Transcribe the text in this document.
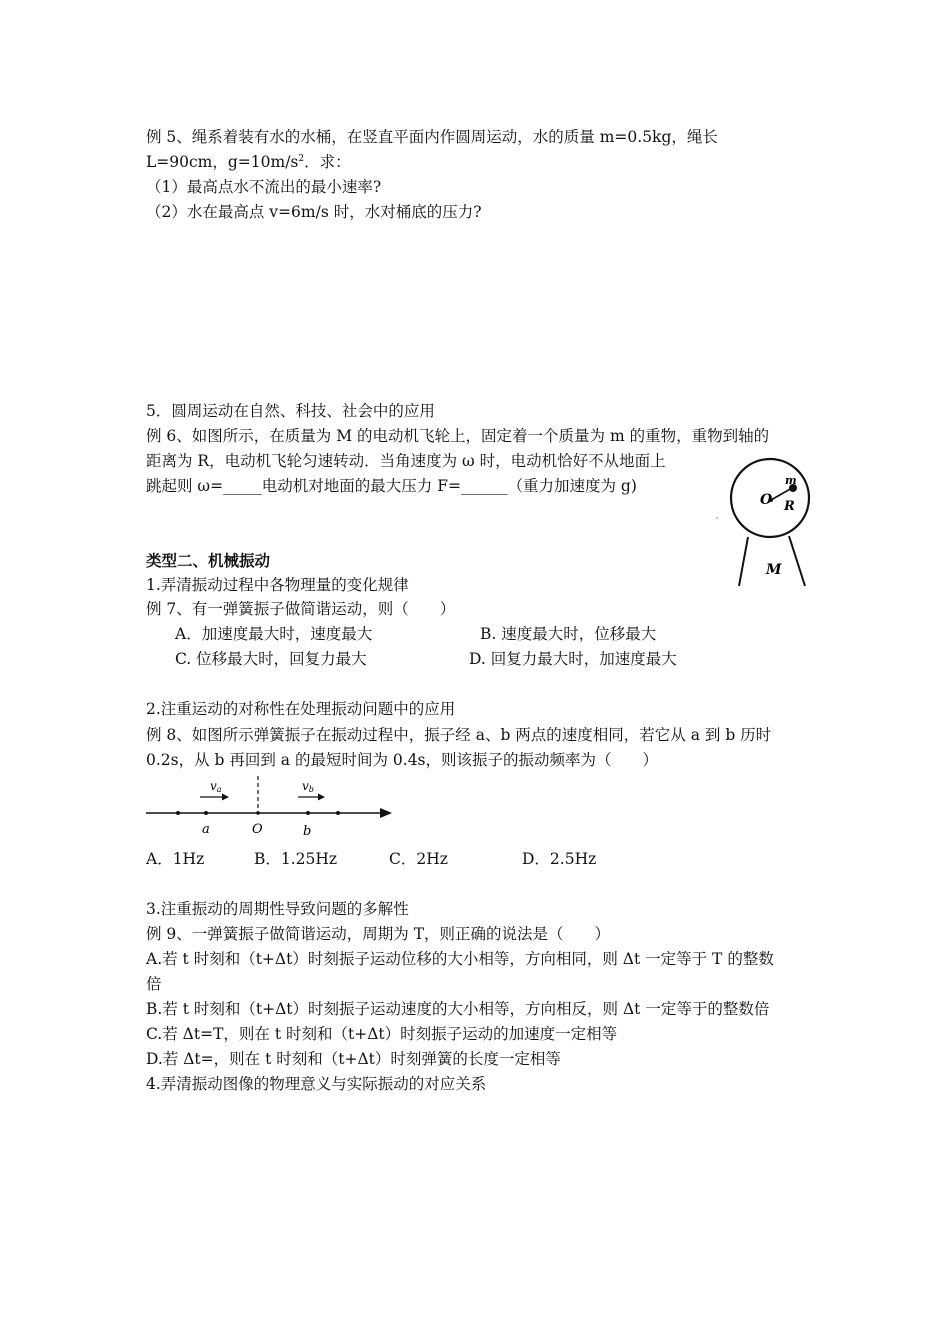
例 5、绳系着装有水的水桶，在竖直平面内作圆周运动，水的质量 m=0.5kg，绳长
L=90cm，$g=10m/s^2$．求：
（1）最高点水不流出的最小速率?
（2）水在最高点 v=6m/s 时，水对桶底的压力?
5．圆周运动在自然、科技、社会中的应用
例 6、如图所示，在质量为 M 的电动机飞轮上，固定着一个质量为 m 的重物，重物到轴的
距离为 R，电动机飞轮匀速转动．当角速度为 ω 时，电动机恰好不从地面上
跳起则 ω=_____电动机对地面的最大压力 F=______（重力加速度为 g)
O
m
R
M
类型二、机械振动
1.弄清振动过程中各物理量的变化规律
例 7、有一弹簧振子做简谐运动，则（　　）
A．加速度最大时，速度最大	B. 速度最大时，位移最大
C. 位移最大时，回复力最大	D. 回复力最大时，加速度最大
2.注重运动的对称性在处理振动问题中的应用
例 8、如图所示弹簧振子在振动过程中，振子经 a、b 两点的速度相同，若它从 a 到 b 历时
0.2s，从 b 再回到 a 的最短时间为 0.4s，则该振子的振动频率为（　　）
va	vb
a	O	b
A．1Hz	B．1.25Hz	C．2Hz	D．2.5Hz
3.注重振动的周期性导致问题的多解性
例 9、一弹簧振子做简谐运动，周期为 T，则正确的说法是（　　）
A.若 t 时刻和（t+Δt）时刻振子运动位移的大小相等，方向相同，则 Δt 一定等于 T 的整数
倍
B.若 t 时刻和（t+Δt）时刻振子运动速度的大小相等，方向相反，则 Δt 一定等于的整数倍
C.若 Δt=T，则在 t 时刻和（t+Δt）时刻振子运动的加速度一定相等
D.若 Δt=，则在 t 时刻和（t+Δt）时刻弹簧的长度一定相等
4.弄清振动图像的物理意义与实际振动的对应关系
